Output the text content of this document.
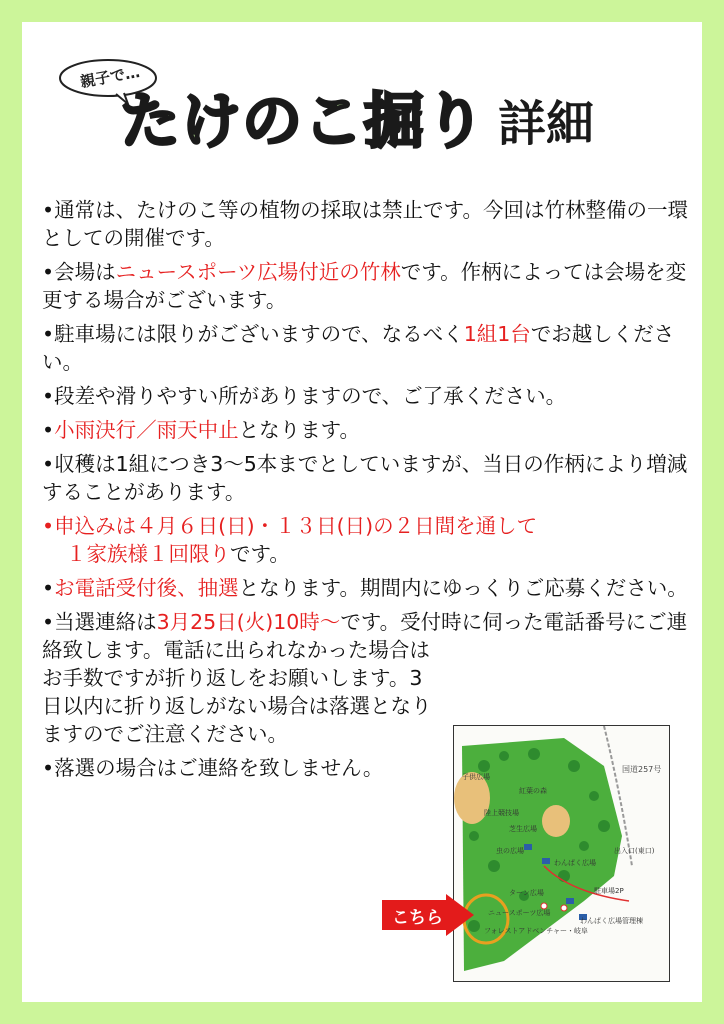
親子で…
たけのこ掘り 詳細
•通常は、たけのこ等の植物の採取は禁止です。今回は竹林整備の一環としての開催です。
•会場はニュースポーツ広場付近の竹林です。作柄によっては会場を変更する場合がございます。
•駐車場には限りがございますので、なるべく1組1台でお越しください。
•段差や滑りやすい所がありますので、ご了承ください。
•小雨決行／雨天中止となります。
•収穫は1組につき3～5本までとしていますが、当日の作柄により増減することがあります。
•申込みは４月６日(日)・１３日(日)の２日間を通して
１家族様１回限りです。
•お電話受付後、抽選となります。期間内にゆっくりご応募ください。
•当選連絡は3月25日(火)10時～です。受付時に伺った電話番号にご連絡致します。電話に出られなかった場合は
お手数ですが折り返しをお願いします。3日以内に折り返しがない場合は落選となりますのでご注意ください。
•落選の場合はご連絡を致しません。	国道257号
子供広場
紅葉の森
陸上競技場
芝生広場
虫の広場
わんぱく広場
ターン広場
フォレストアドベンチャー・岐阜
ニュースポーツ広場
駐車場2P
わんぱく広場管理棟
出入口(東口)
こちら
